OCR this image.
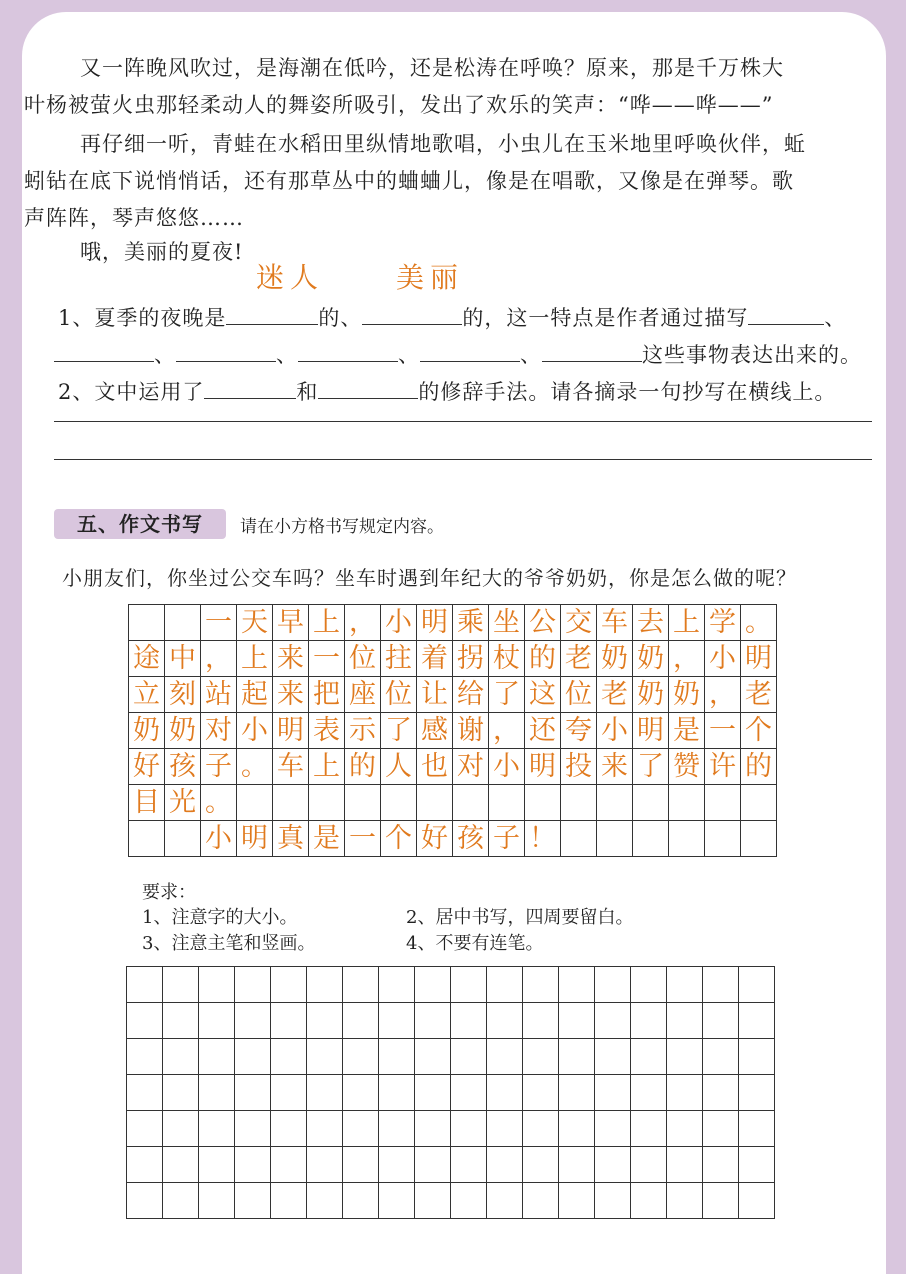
又一阵晚风吹过，是海潮在低吟，还是松涛在呼唤？原来，那是千万株大
叶杨被萤火虫那轻柔动人的舞姿所吸引，发出了欢乐的笑声：“哗——哗——”
再仔细一听，青蛙在水稻田里纵情地歌唱，小虫儿在玉米地里呼唤伙伴，蚯
蚓钻在底下说悄悄话，还有那草丛中的蛐蛐儿，像是在唱歌，又像是在弹琴。歌
声阵阵，琴声悠悠……
哦，美丽的夏夜!
迷人	美丽
1、夏季的夜晚是	的、	的，这一特点是作者通过描写	、
、	、	、	、	这些事物表达出来的。
2、文中运用了	和	的修辞手法。请各摘录一句抄写在横线上。
五、作文书写	请在小方格书写规定内容。
小朋友们，你坐过公交车吗？坐车时遇到年纪大的爷爷奶奶，你是怎么做的呢？
		一	天	早	上	，	小	明	乘	坐	公	交	车	去	上	学	。
途	中	，	上	来	一	位	拄	着	拐	杖	的	老	奶	奶	，	小	明
立	刻	站	起	来	把	座	位	让	给	了	这	位	老	奶	奶	，	老
奶	奶	对	小	明	表	示	了	感	谢	，	还	夸	小	明	是	一	个
好	孩	子	。	车	上	的	人	也	对	小	明	投	来	了	赞	许	的
目	光	。															
		小	明	真	是	一	个	好	孩	子	！						
要求：
1、注意字的大小。	2、居中书写，四周要留白。
3、注意主笔和竖画。	4、不要有连笔。
